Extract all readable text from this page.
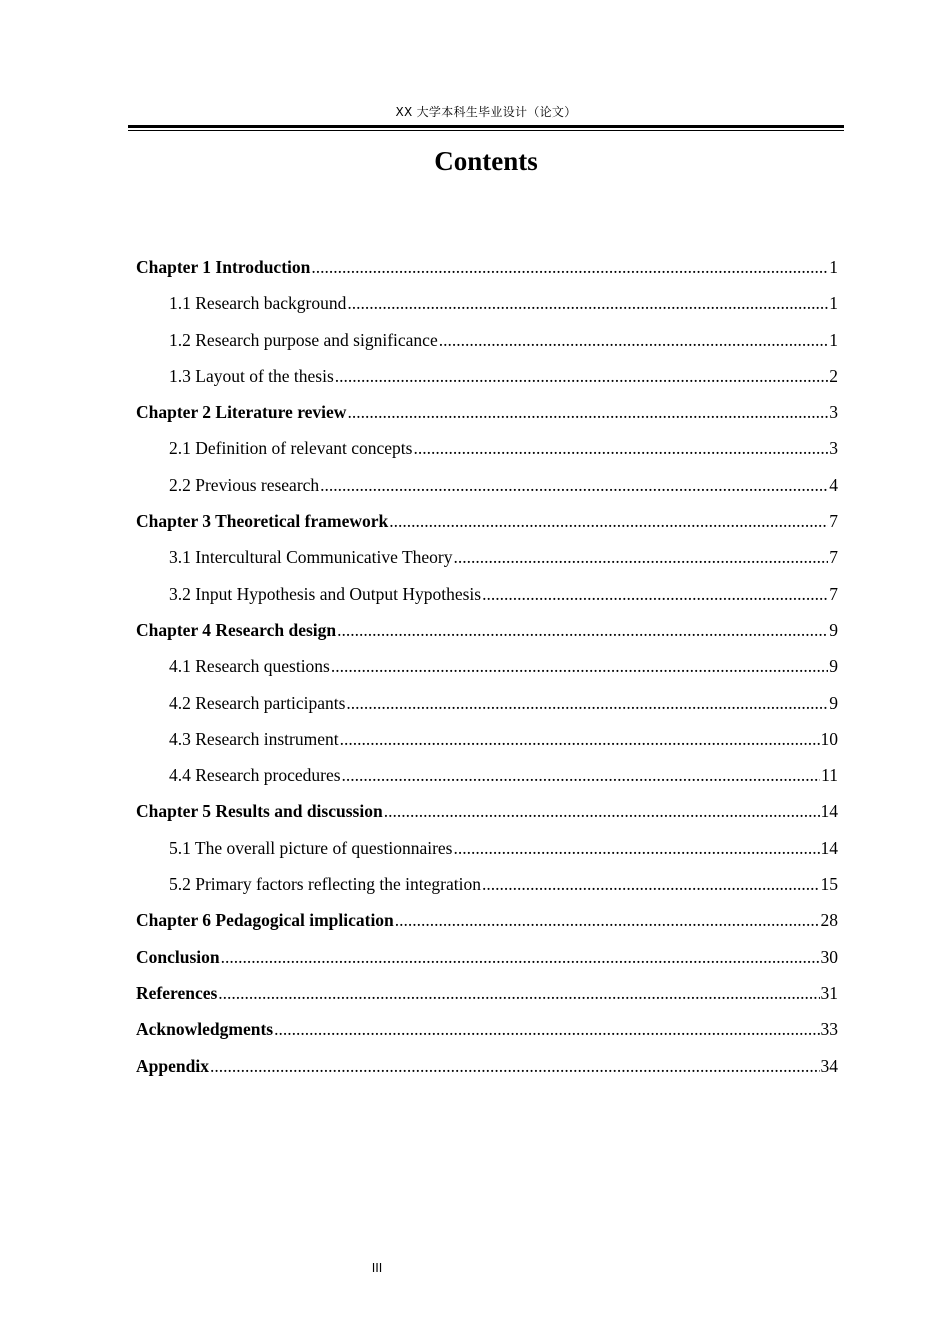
XX 大学本科生毕业设计（论文）
Contents
Chapter 1 Introduction .....	1
1.1 Research background .....	1
1.2 Research purpose and significance .....	1
1.3 Layout of the thesis .....	2
Chapter 2 Literature review .....	3
2.1 Definition of relevant concepts .....	3
2.2 Previous research .....	4
Chapter 3 Theoretical framework .....	7
3.1 Intercultural Communicative Theory .....	7
3.2 Input Hypothesis and Output Hypothesis .....	7
Chapter 4 Research design .....	9
4.1 Research questions .....	9
4.2 Research participants .....	9
4.3 Research instrument .....	10
4.4 Research procedures .....	11
Chapter 5 Results and discussion .....	14
5.1 The overall picture of questionnaires .....	14
5.2 Primary factors reflecting the integration .....	15
Chapter 6 Pedagogical implication .....	28
Conclusion .....	30
References .....	31
Acknowledgments .....	33
Appendix .....	34
III
